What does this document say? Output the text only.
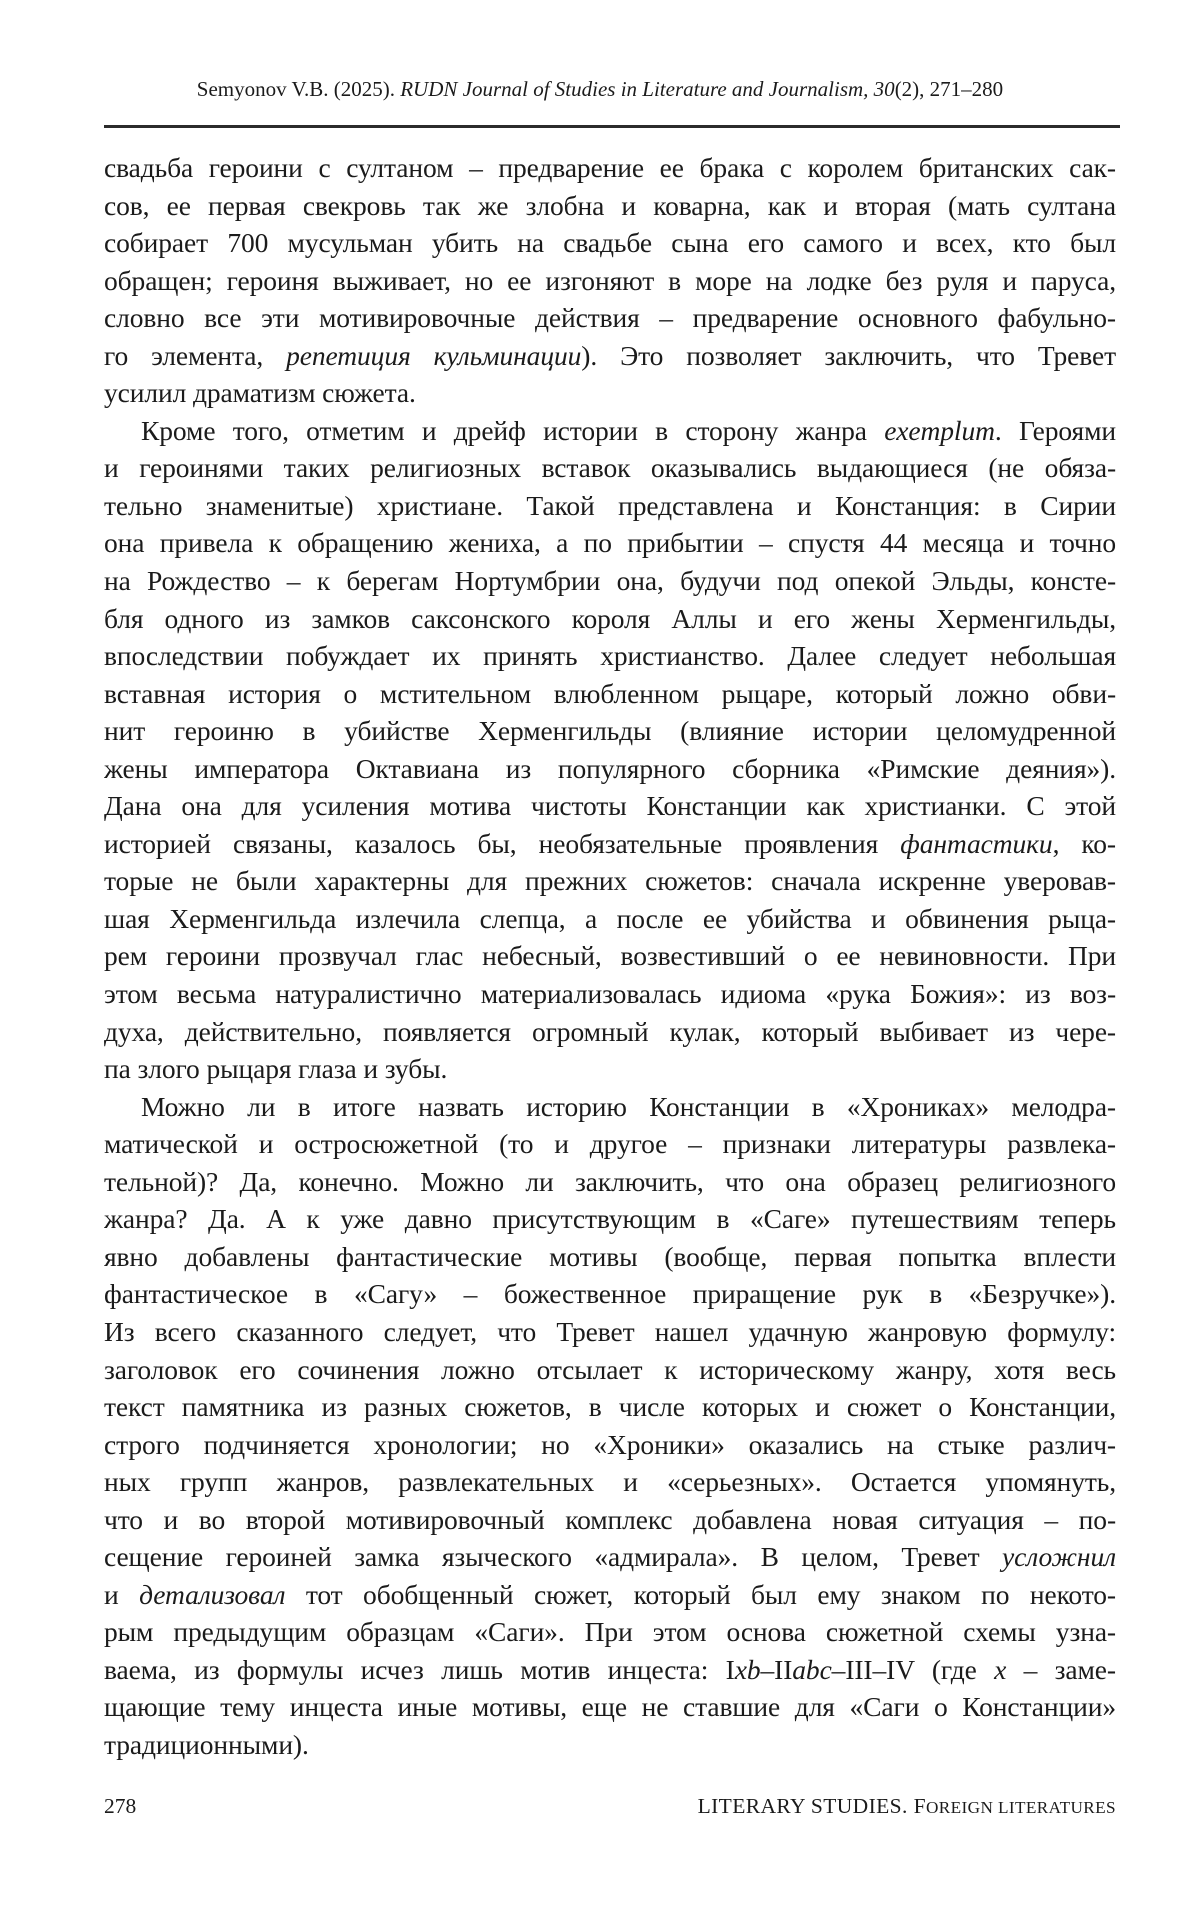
Semyonov V.B. (2025). RUDN Journal of Studies in Literature and Journalism, 30(2), 271–280
свадьба героини с султаном – предварение ее брака с королем британских сак-
сов, ее первая свекровь так же злобна и коварна, как и вторая (мать султана
собирает 700 мусульман убить на свадьбе сына его самого и всех, кто был
обращен; героиня выживает, но ее изгоняют в море на лодке без руля и паруса,
словно все эти мотивировочные действия – предварение основного фабульно-
го элемента, репетиция кульминации). Это позволяет заключить, что Тревет
усилил драматизм сюжета.
Кроме того, отметим и дрейф истории в сторону жанра exemplum. Героями
и героинями таких религиозных вставок оказывались выдающиеся (не обяза-
тельно знаменитые) христиане. Такой представлена и Констанция: в Сирии
она привела к обращению жениха, а по прибытии – спустя 44 месяца и точно
на Рождество – к берегам Нортумбрии она, будучи под опекой Эльды, консте-
бля одного из замков саксонского короля Аллы и его жены Херменгильды,
впоследствии побуждает их принять христианство. Далее следует небольшая
вставная история о мстительном влюбленном рыцаре, который ложно обви-
нит героиню в убийстве Херменгильды (влияние истории целомудренной
жены императора Октавиана из популярного сборника «Римские деяния»).
Дана она для усиления мотива чистоты Констанции как христианки. С этой
историей связаны, казалось бы, необязательные проявления фантастики, ко-
торые не были характерны для прежних сюжетов: сначала искренне уверовав-
шая Херменгильда излечила слепца, а после ее убийства и обвинения рыца-
рем героини прозвучал глас небесный, возвестивший о ее невиновности. При
этом весьма натуралистично материализовалась идиома «рука Божия»: из воз-
духа, действительно, появляется огромный кулак, который выбивает из чере-
па злого рыцаря глаза и зубы.
Можно ли в итоге назвать историю Констанции в «Хрониках» мелодра-
матической и остросюжетной (то и другое – признаки литературы развлека-
тельной)? Да, конечно. Можно ли заключить, что она образец религиозного
жанра? Да. А к уже давно присутствующим в «Саге» путешествиям теперь
явно добавлены фантастические мотивы (вообще, первая попытка вплести
фантастическое в «Сагу» – божественное приращение рук в «Безручке»).
Из всего сказанного следует, что Тревет нашел удачную жанровую формулу:
заголовок его сочинения ложно отсылает к историческому жанру, хотя весь
текст памятника из разных сюжетов, в числе которых и сюжет о Констанции,
строго подчиняется хронологии; но «Хроники» оказались на стыке различ-
ных групп жанров, развлекательных и «серьезных». Остается упомянуть,
что и во второй мотивировочный комплекс добавлена новая ситуация – по-
сещение героиней замка языческого «адмирала». В целом, Тревет усложнил
и детализовал тот обобщенный сюжет, который был ему знаком по некото-
рым предыдущим образцам «Саги». При этом основа сюжетной схемы узна-
ваема, из формулы исчез лишь мотив инцеста: Ixb–IIabc–III–IV (где x – заме-
щающие тему инцеста иные мотивы, еще не ставшие для «Саги о Констанции»
традиционными).
278	LITERARY STUDIES. FOREIGN LITERATURES
